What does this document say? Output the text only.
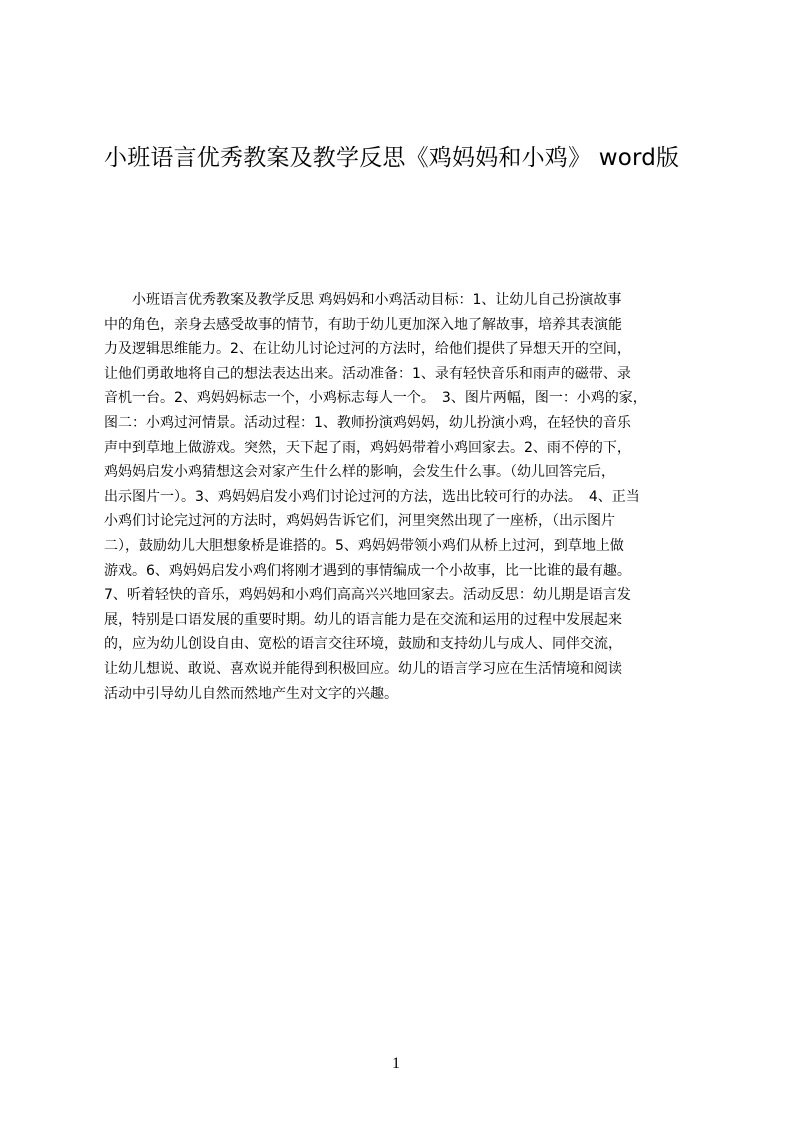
小班语言优秀教案及教学反思《鸡妈妈和小鸡》 word版
　　小班语言优秀教案及教学反思 鸡妈妈和小鸡活动目标：1、让幼儿自己扮演故事
中的角色，亲身去感受故事的情节，有助于幼儿更加深入地了解故事，培养其表演能
力及逻辑思维能力。2、在让幼儿讨论过河的方法时，给他们提供了异想天开的空间，
让他们勇敢地将自己的想法表达出来。活动准备：1、录有轻快音乐和雨声的磁带、录
音机一台。2、鸡妈妈标志一个，小鸡标志每人一个。　3、图片两幅，图一：小鸡的家，
图二：小鸡过河情景。活动过程：1、教师扮演鸡妈妈，幼儿扮演小鸡，在轻快的音乐
声中到草地上做游戏。突然，天下起了雨，鸡妈妈带着小鸡回家去。2、雨不停的下，
鸡妈妈启发小鸡猜想这会对家产生什么样的影响，会发生什么事。（幼儿回答完后，
出示图片一）。3、鸡妈妈启发小鸡们讨论过河的方法，选出比较可行的办法。　4、正当
小鸡们讨论完过河的方法时，鸡妈妈告诉它们，河里突然出现了一座桥，（出示图片
二），鼓励幼儿大胆想象桥是谁搭的。5、鸡妈妈带领小鸡们从桥上过河，到草地上做
游戏。6、鸡妈妈启发小鸡们将刚才遇到的事情编成一个小故事，比一比谁的最有趣。
7、听着轻快的音乐，鸡妈妈和小鸡们高高兴兴地回家去。活动反思：幼儿期是语言发
展，特别是口语发展的重要时期。幼儿的语言能力是在交流和运用的过程中发展起来
的，应为幼儿创设自由、宽松的语言交往环境，鼓励和支持幼儿与成人、同伴交流，
让幼儿想说、敢说、喜欢说并能得到积极回应。幼儿的语言学习应在生活情境和阅读
活动中引导幼儿自然而然地产生对文字的兴趣。
1
